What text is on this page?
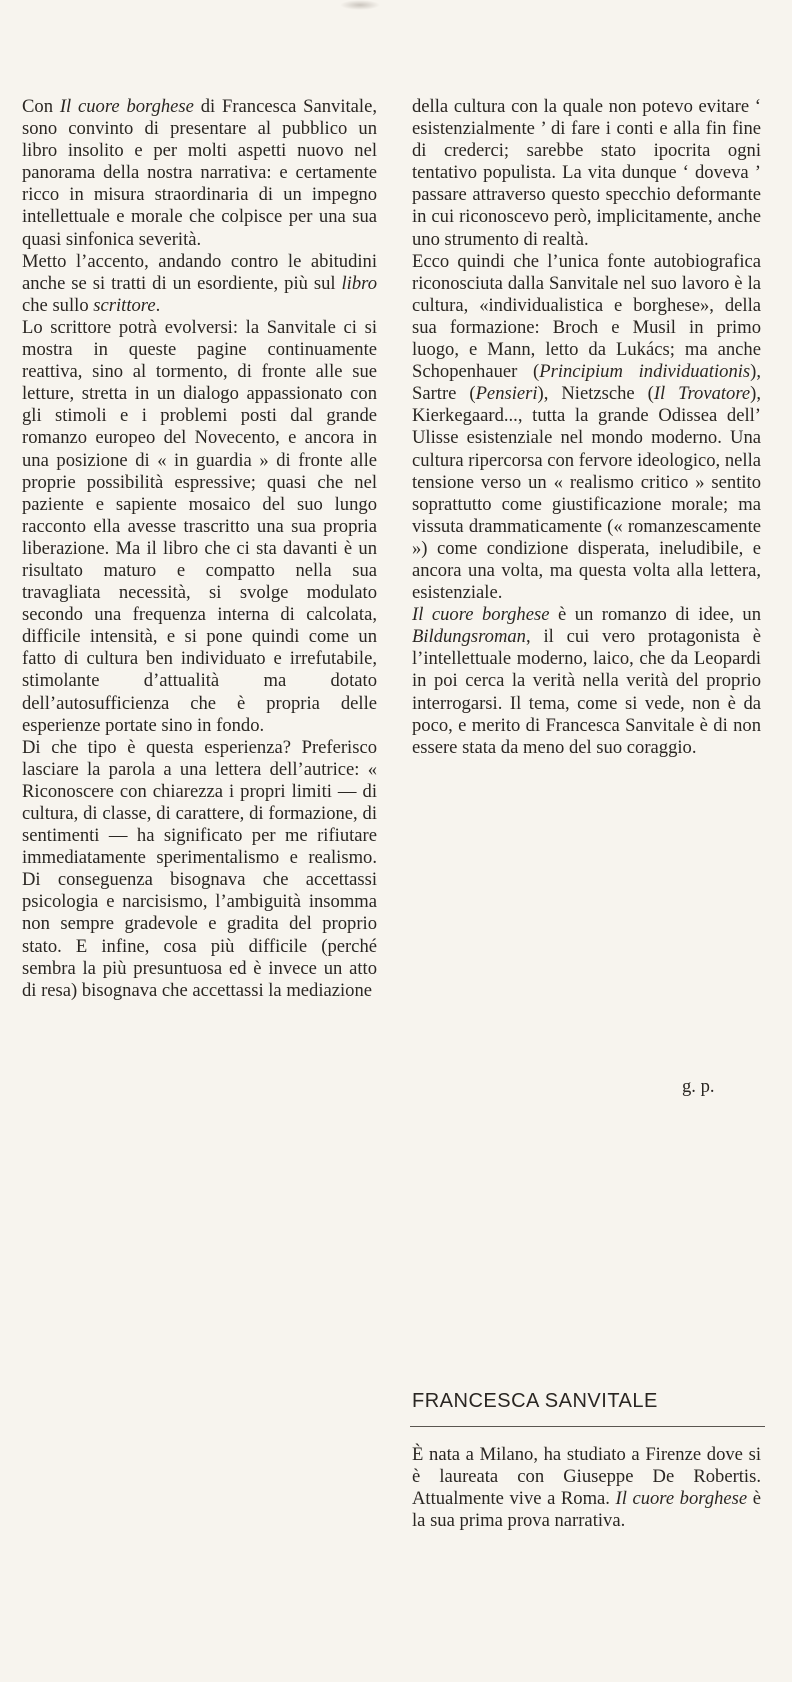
Con Il cuore borghese di Francesca Sanvitale, sono convinto di presentare al pubblico un libro insolito e per molti aspetti nuovo nel panorama della nostra narrativa: e certamente ricco in misura straordinaria di un impegno intellettuale e morale che colpisce per una sua quasi sinfonica severità.

Metto l’accento, andando contro le abitudini anche se si tratti di un esordiente, più sul libro che sullo scrittore.

Lo scrittore potrà evolversi: la Sanvitale ci si mostra in queste pagine continuamente reattiva, sino al tormento, di fronte alle sue letture, stretta in un dialogo appassionato con gli stimoli e i problemi posti dal grande romanzo europeo del Novecento, e ancora in una posizione di « in guardia » di fronte alle proprie possibilità espressive; quasi che nel paziente e sapiente mosaico del suo lungo racconto ella avesse trascritto una sua propria liberazione. Ma il libro che ci sta davanti è un risultato maturo e compatto nella sua travagliata necessità, si svolge modulato secondo una frequenza interna di calcolata, difficile intensità, e si pone quindi come un fatto di cultura ben individuato e irrefutabile, stimolante d’attualità ma dotato dell’autosufficienza che è propria delle esperienze portate sino in fondo.

Di che tipo è questa esperienza? Preferisco lasciare la parola a una lettera dell’autrice: « Riconoscere con chiarezza i propri limiti — di cultura, di classe, di carattere, di formazione, di sentimenti — ha significato per me rifiutare immediatamente sperimentalismo e realismo. Di conseguenza bisognava che accettassi psicologia e narcisismo, l’ambiguità insomma non sempre gradevole e gradita del proprio stato. E infine, cosa più difficile (perché sembra la più presuntuosa ed è invece un atto di resa) bisognava che accettassi la mediazione

della cultura con la quale non potevo evitare ‘ esistenzialmente ’ di fare i conti e alla fin fine di crederci; sarebbe stato ipocrita ogni tentativo populista. La vita dunque ‘ doveva ’ passare attraverso questo specchio deformante in cui riconoscevo però, implicitamente, anche uno strumento di realtà.

Ecco quindi che l’unica fonte autobiografica riconosciuta dalla Sanvitale nel suo lavoro è la cultura, «individualistica e borghese», della sua formazione: Broch e Musil in primo luogo, e Mann, letto da Lukács; ma anche Schopenhauer (Principium individuationis), Sartre (Pensieri), Nietzsche (Il Trovatore), Kierkegaard..., tutta la grande Odissea dell’ Ulisse esistenziale nel mondo moderno. Una cultura ripercorsa con fervore ideologico, nella tensione verso un « realismo critico » sentito soprattutto come giustificazione morale; ma vissuta drammaticamente (« romanzescamente ») come condizione disperata, ineludibile, e ancora una volta, ma questa volta alla lettera, esistenziale.

Il cuore borghese è un romanzo di idee, un Bildungsroman, il cui vero protagonista è l’intellettuale moderno, laico, che da Leopardi in poi cerca la verità nella verità del proprio interrogarsi. Il tema, come si vede, non è da poco, e merito di Francesca Sanvitale è di non essere stata da meno del suo coraggio.

g. p.
FRANCESCA SANVITALE

È nata a Milano, ha studiato a Firenze dove si è laureata con Giuseppe De Robertis. Attualmente vive a Roma. Il cuore borghese è la sua prima prova narrativa.
